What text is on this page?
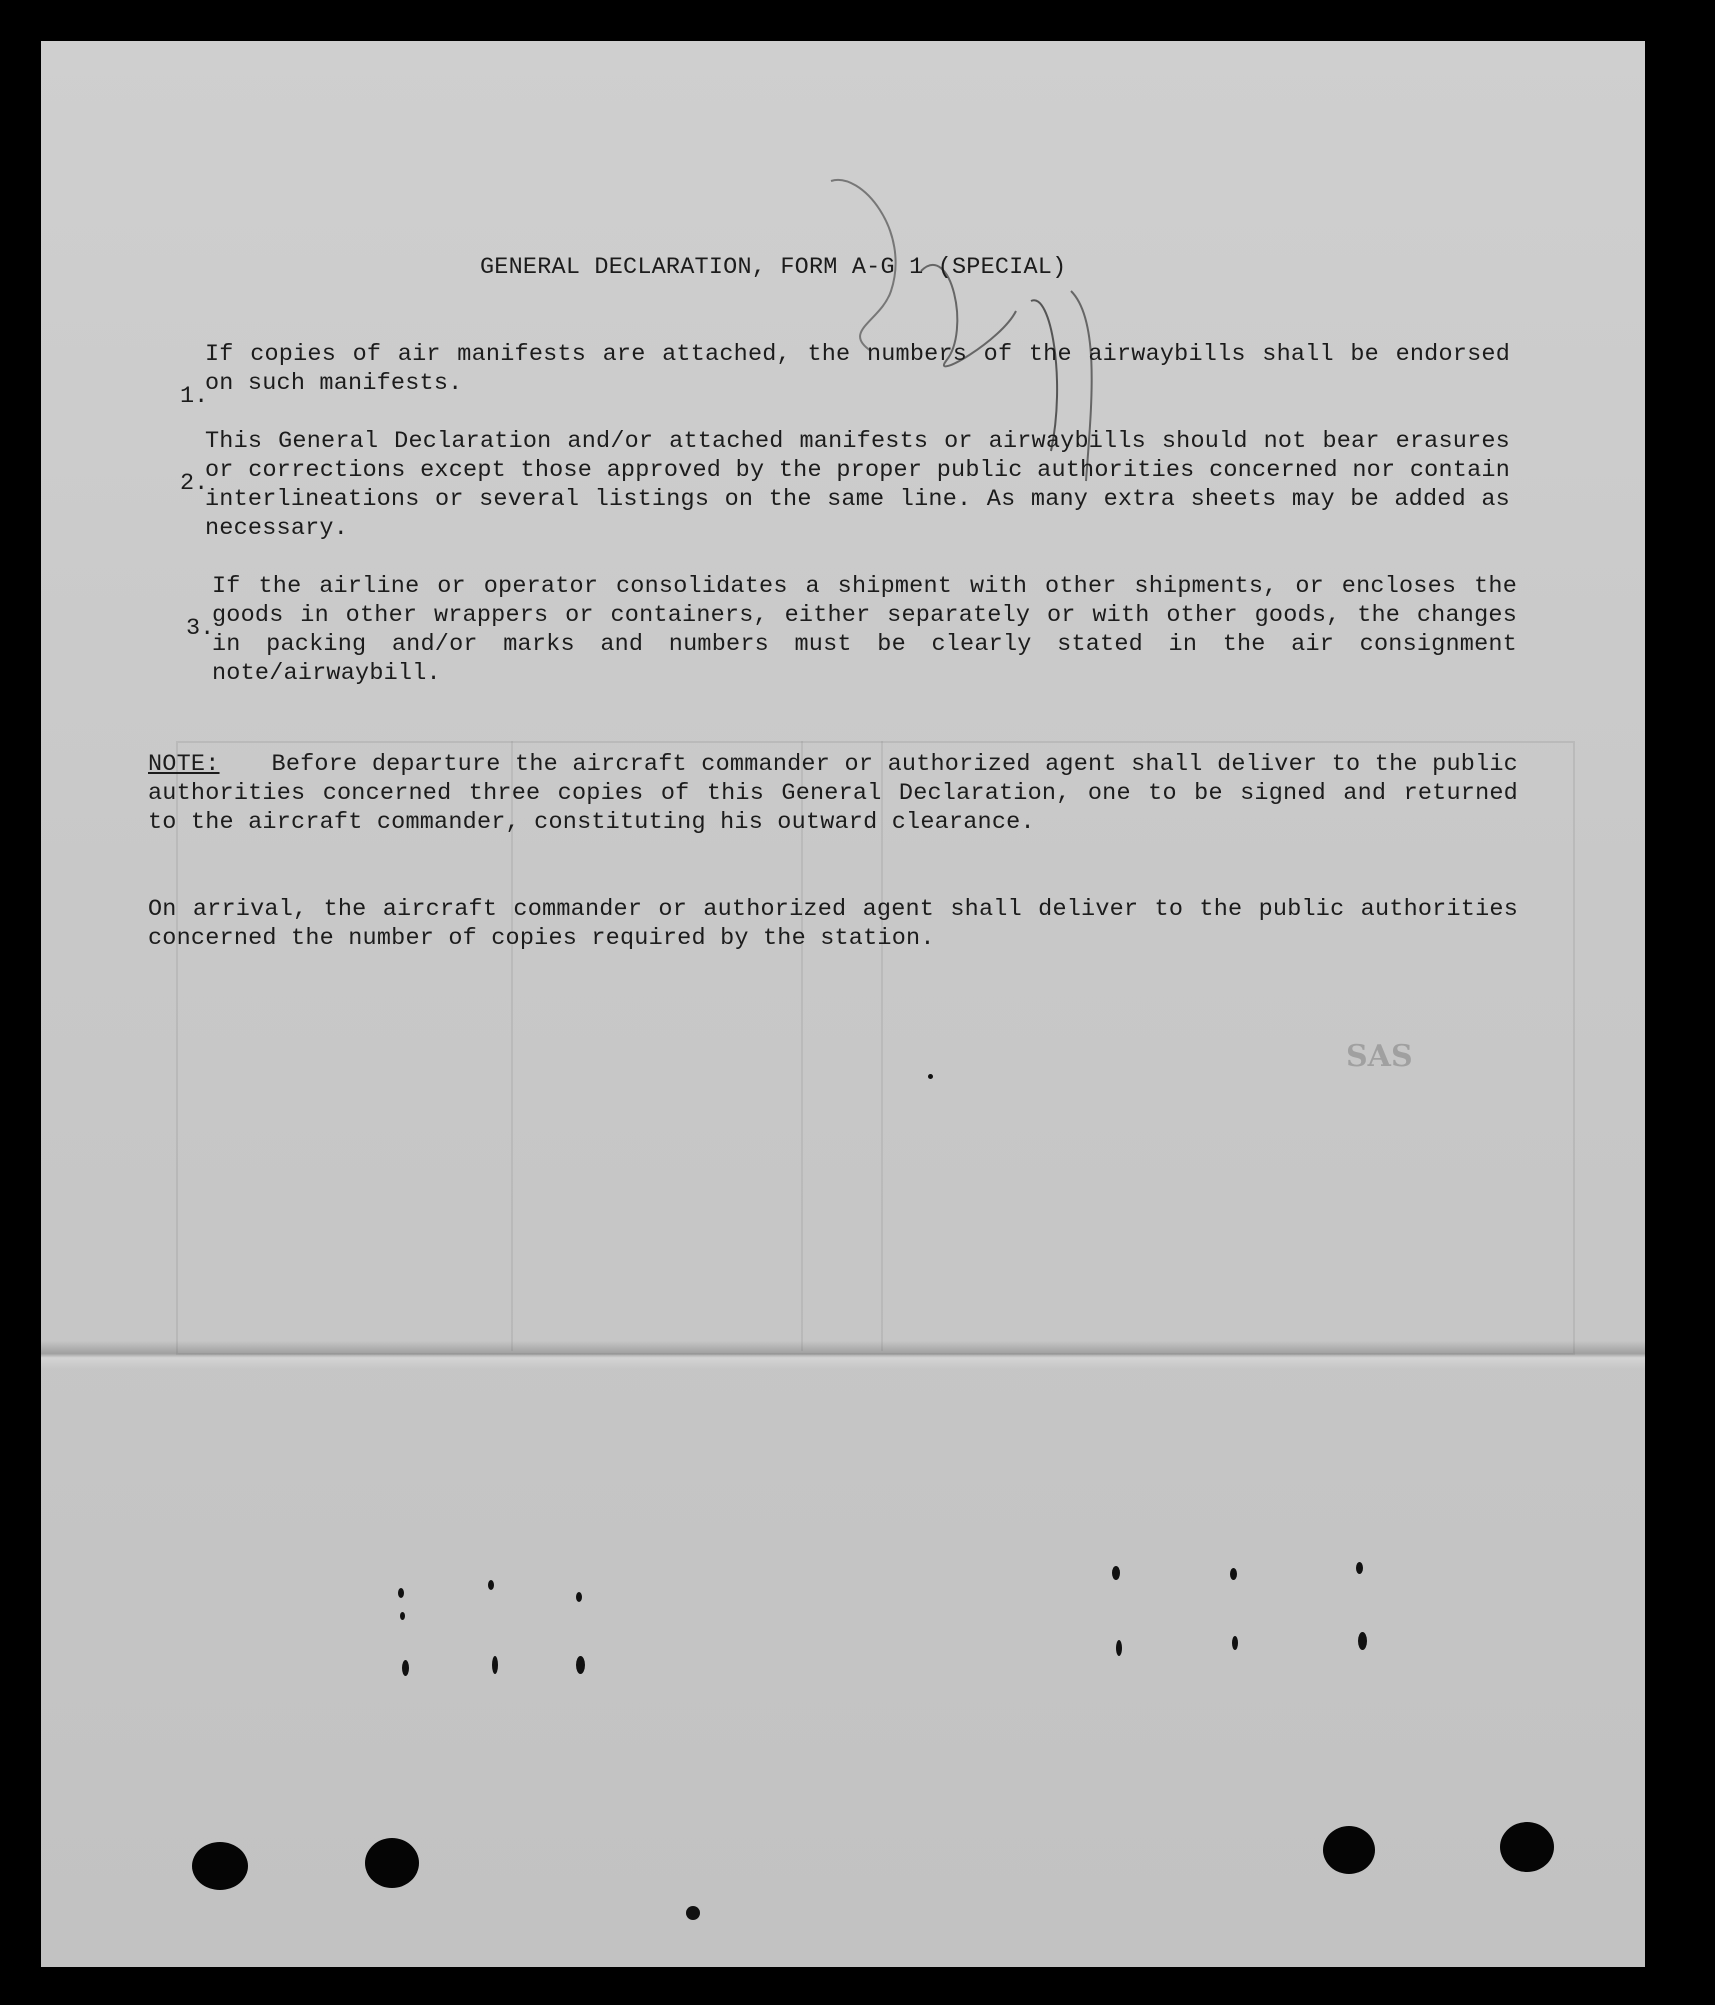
SAS
GENERAL DECLARATION, FORM A-G 1 (SPECIAL)
1.
If copies of air manifests are attached, the numbers of the airwaybills shall be endorsed on such manifests.
2.
This General Declaration and/or attached manifests or airwaybills should not bear erasures or corrections except those approved by the proper public authorities concerned nor contain interlineations or several listings on the same line. As many extra sheets may be added as necessary.
3.
If the airline or operator consolidates a shipment with other shipments, or encloses the goods in other wrappers or containers, either separately or with other goods, the changes in packing and/or marks and numbers must be clearly stated in the air consignment note/airwaybill.
NOTE: Before departure the aircraft commander or authorized agent shall deliver to the public authorities concerned three copies of this General Declaration, one to be signed and returned to the aircraft commander, constituting his outward clearance.
On arrival, the aircraft commander or authorized agent shall deliver to the public authorities concerned the number of copies required by the station.
